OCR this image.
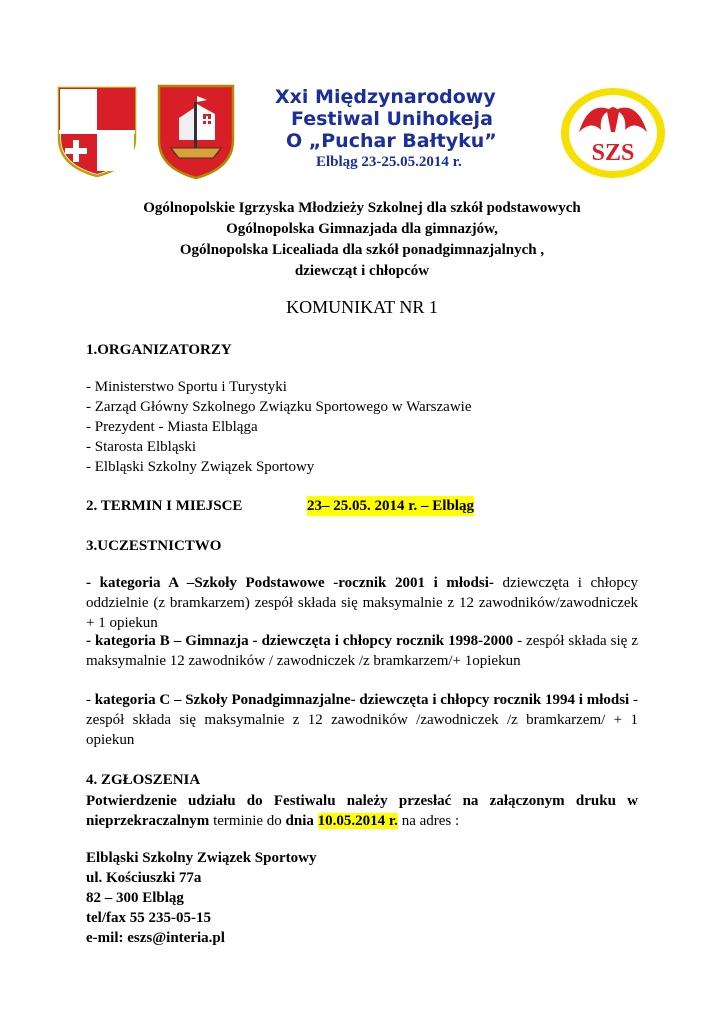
Xxi Międzynarodowy
Festiwal Unihokeja
O „Puchar Bałtyku”
Elbląg 23-25.05.2014 r.	SZS
Ogólnopolskie Igrzyska Młodzieży Szkolnej dla szkół podstawowych
Ogólnopolska Gimnazjada dla gimnazjów,
Ogólnopolska Licealiada dla szkół ponadgimnazjalnych ,
dziewcząt i chłopców
KOMUNIKAT NR 1
1.ORGANIZATORZY
- Ministerstwo Sportu i Turystyki
- Zarząd Główny Szkolnego Związku Sportowego w Warszawie
- Prezydent - Miasta Elbląga
- Starosta Elbląski
- Elbląski Szkolny Związek Sportowy
2. TERMIN I MIEJSCE	23– 25.05. 2014 r. – Elbląg
3.UCZESTNICTWO
- kategoria A –Szkoły Podstawowe -rocznik 2001 i młodsi- dziewczęta i chłopcy oddzielnie (z bramkarzem) zespół składa się maksymalnie z 12 zawodników/zawodniczek + 1 opiekun
- kategoria B – Gimnazja - dziewczęta i chłopcy rocznik 1998-2000 - zespół składa się z maksymalnie 12 zawodników / zawodniczek /z bramkarzem/+ 1opiekun
- kategoria C – Szkoły Ponadgimnazjalne- dziewczęta i chłopcy rocznik 1994 i młodsi -zespół składa się maksymalnie z 12 zawodników /zawodniczek /z bramkarzem/ + 1 opiekun
4. ZGŁOSZENIA
Potwierdzenie udziału do Festiwalu należy przesłać na załączonym druku w nieprzekraczalnym terminie do dnia 10.05.2014 r. na adres :
Elbląski Szkolny Związek Sportowy
ul. Kościuszki 77a
82 – 300 Elbląg
tel/fax 55 235-05-15
e-mil: eszs@interia.pl
